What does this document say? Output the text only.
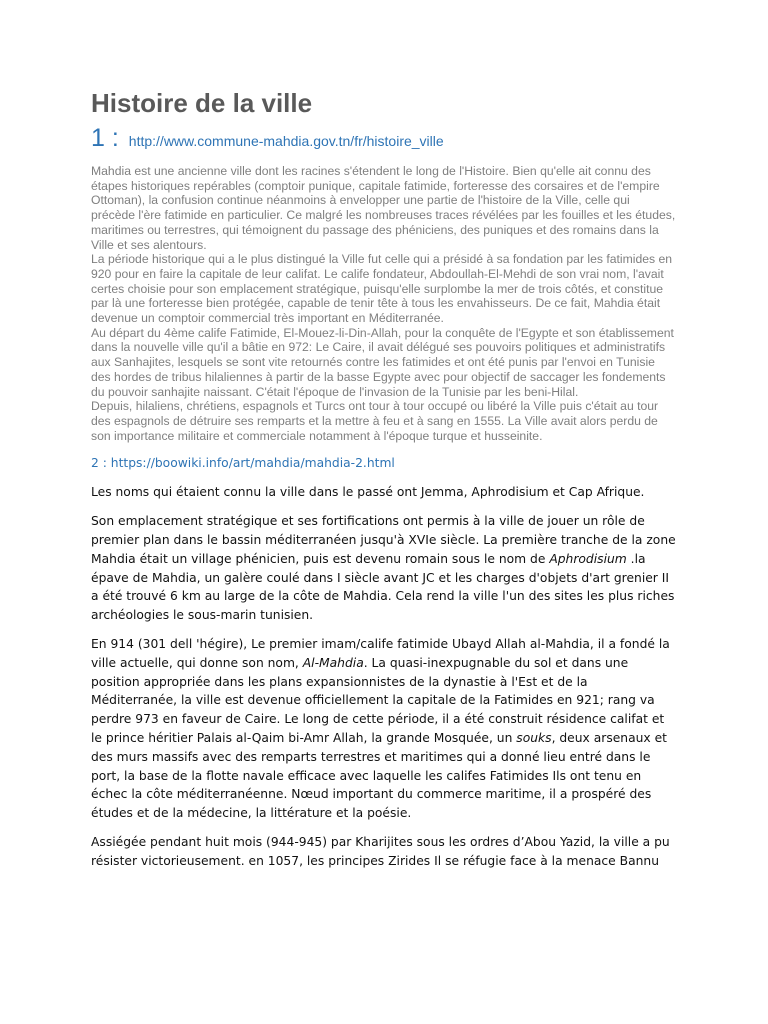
Histoire de la ville
1 : http://www.commune-mahdia.gov.tn/fr/histoire_ville

Mahdia est une ancienne ville dont les racines s'étendent le long de l'Histoire. Bien qu'elle ait connu des étapes historiques repérables (comptoir punique, capitale fatimide, forteresse des corsaires et de l'empire Ottoman), la confusion continue néanmoins à envelopper une partie de l'histoire de la Ville, celle qui précède l'ère fatimide en particulier. Ce malgré les nombreuses traces révélées par les fouilles et les études, maritimes ou terrestres, qui témoignent du passage des phéniciens, des puniques et des romains dans la Ville et ses alentours.

La période historique qui a le plus distingué la Ville fut celle qui a présidé à sa fondation par les fatimides en 920 pour en faire la capitale de leur califat. Le calife fondateur, Abdoullah-El-Mehdi de son vrai nom, l'avait certes choisie pour son emplacement stratégique, puisqu'elle surplombe la mer de trois côtés, et constitue par là une forteresse bien protégée, capable de tenir tête à tous les envahisseurs. De ce fait, Mahdia était devenue un comptoir commercial très important en Méditerranée.

Au départ du 4ème calife Fatimide, El-Mouez-li-Din-Allah, pour la conquête de l'Egypte et son établissement dans la nouvelle ville qu'il a bâtie en 972: Le Caire, il avait délégué ses pouvoirs politiques et administratifs aux Sanhajites, lesquels se sont vite retournés contre les fatimides et ont été punis par l'envoi en Tunisie des hordes de tribus hilaliennes à partir de la basse Egypte avec pour objectif de saccager les fondements du pouvoir sanhajite naissant. C'était l'époque de l'invasion de la Tunisie par les beni-Hilal.

Depuis, hilaliens, chrétiens, espagnols et Turcs ont tour à tour occupé ou libéré la Ville puis c'était au tour des espagnols de détruire ses remparts et la mettre à feu et à sang en 1555. La Ville avait alors perdu de son importance militaire et commerciale notamment à l'époque turque et husseinite.

2 : https://boowiki.info/art/mahdia/mahdia-2.html

Les noms qui étaient connu la ville dans le passé ont Jemma, Aphrodisium et Cap Afrique.

Son emplacement stratégique et ses fortifications ont permis à la ville de jouer un rôle de premier plan dans le bassin méditerranéen jusqu'à XVIe siècle. La première tranche de la zone Mahdia était un village phénicien, puis est devenu romain sous le nom de Aphrodisium .la épave de Mahdia, un galère coulé dans I siècle avant JC et les charges d'objets d'art grenier II a été trouvé 6 km au large de la côte de Mahdia. Cela rend la ville l'un des sites les plus riches archéologies le sous-marin tunisien.

En 914 (301 dell 'hégire), Le premier imam/calife fatimide Ubayd Allah al-Mahdia, il a fondé la ville actuelle, qui donne son nom, Al-Mahdia. La quasi-inexpugnable du sol et dans une position appropriée dans les plans expansionnistes de la dynastie à l'Est et de la Méditerranée, la ville est devenue officiellement la capitale de la Fatimides en 921; rang va perdre 973 en faveur de Caire. Le long de cette période, il a été construit résidence califat et le prince héritier Palais al-Qaim bi-Amr Allah, la grande Mosquée, un souks, deux arsenaux et des murs massifs avec des remparts terrestres et maritimes qui a donné lieu entré dans le port, la base de la flotte navale efficace avec laquelle les califes Fatimides Ils ont tenu en échec la côte méditerranéenne. Nœud important du commerce maritime, il a prospéré des études et de la médecine, la littérature et la poésie.

Assiégée pendant huit mois (944-945) par Kharijites sous les ordres d’Abou Yazid, la ville a pu résister victorieusement. en 1057, les principes Zirides Il se réfugie face à la menace Bannu
